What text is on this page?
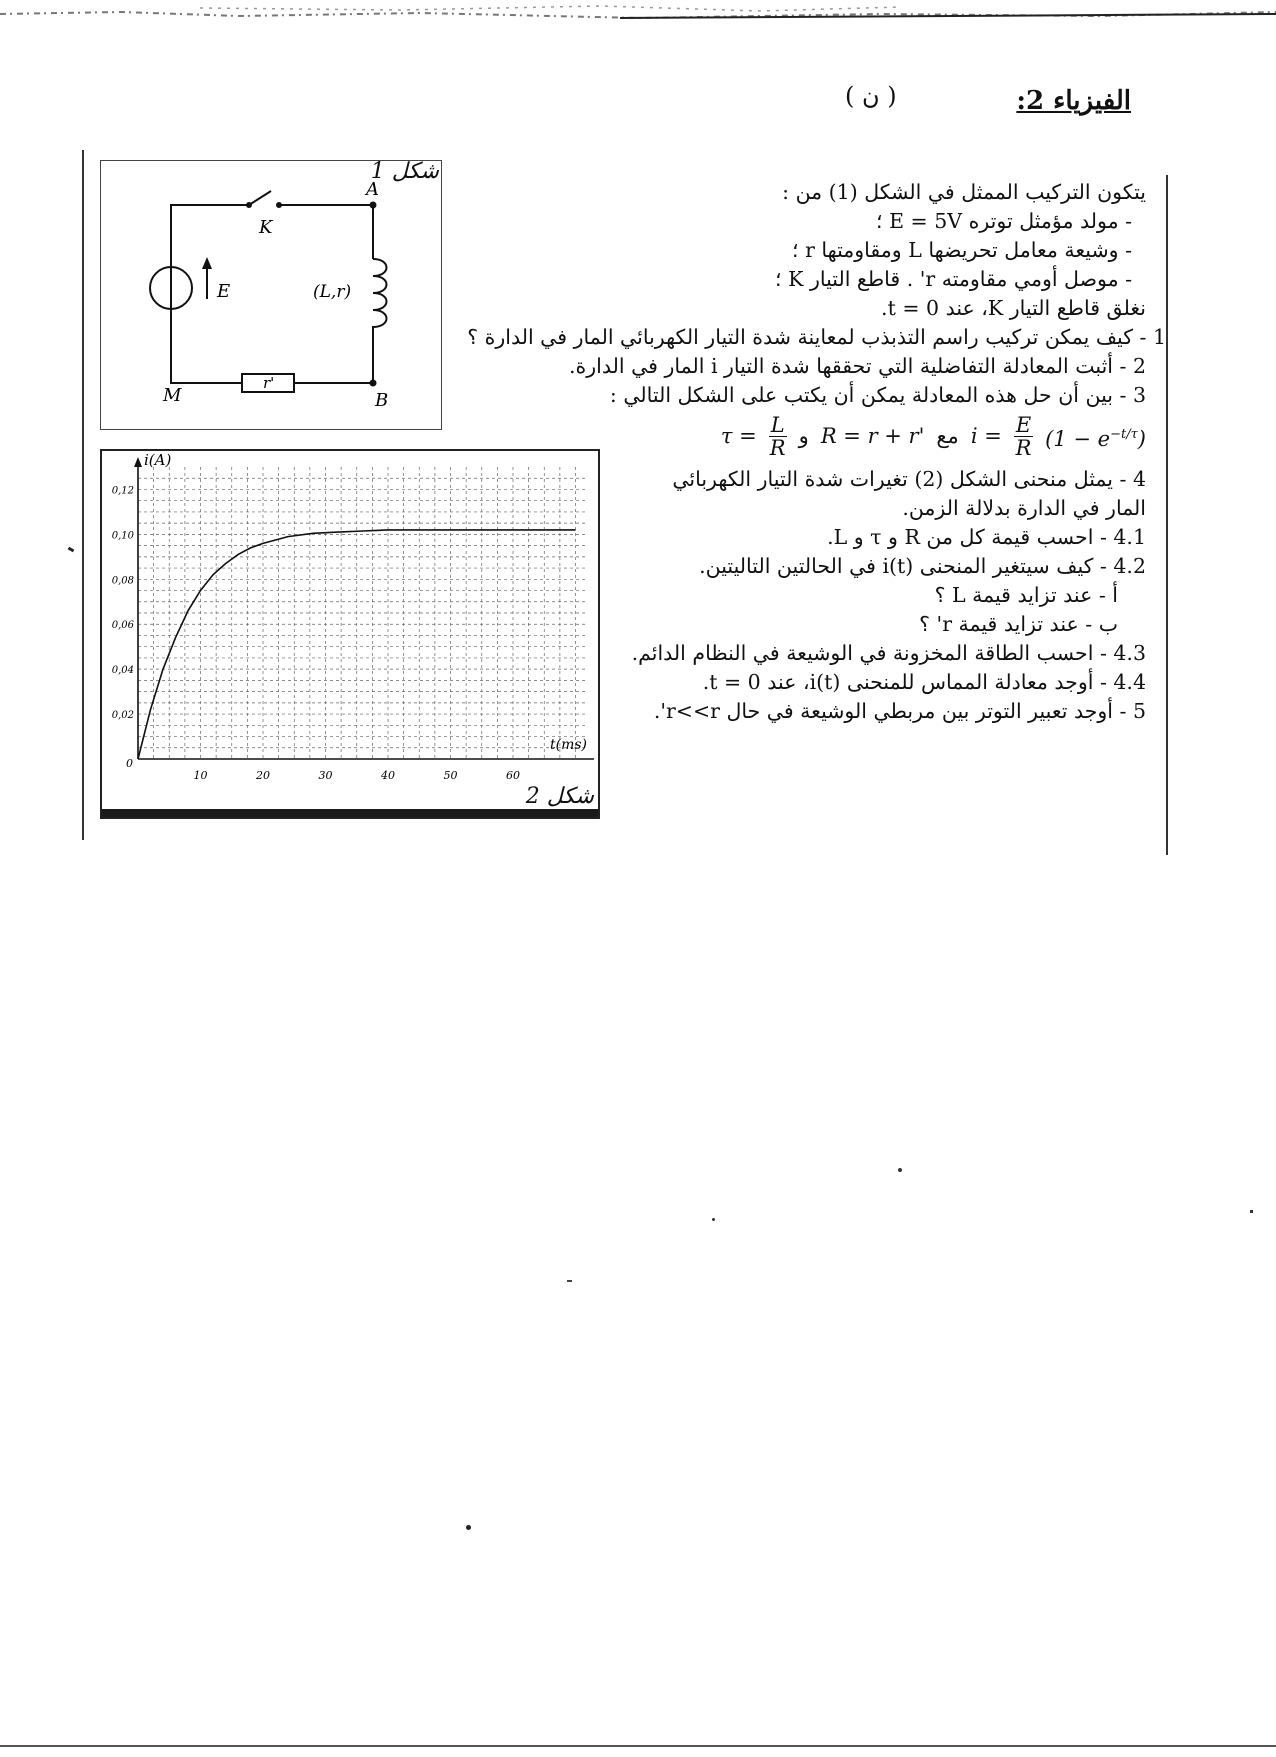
الفيزياء 2:
( ن )
A
B
M
K
E	(L,r)
r'
شكل 1
10	20	30	40	50	60
0,02
0,04
0,06
0,08
0,10
0,12
0
i(A)
t(ms)
شكل 2

يتكون التركيب الممثل في الشكل (1) من :

- مولد مؤمثل توتره E = 5V ؛

- وشيعة معامل تحريضها L ومقاومتها r ؛

- موصل أومي مقاومته r' . قاطع التيار K ؛

نغلق قاطع التيار K، عند t = 0.

1 - كيف يمكن تركيب راسم التذبذب لمعاينة شدة التيار الكهربائي المار في الدارة ؟

2 - أثبت المعادلة التفاضلية التي تحققها شدة التيار i المار في الدارة.

3 - بين أن حل هذه المعادلة يمكن أن يكتب على الشكل التالي :

$\tau = \frac{L}{R}$ و R = r + r' مع $i = \frac{E}{R} (1 - e^{-t/\tau})$

4 - يمثل منحنى الشكل (2) تغيرات شدة التيار الكهربائي المار في الدارة بدلالة الزمن.

4.1 - احسب قيمة كل من R و τ و L.

4.2 - كيف سيتغير المنحنى i(t) في الحالتين التاليتين.

أ - عند تزايد قيمة L ؟

ب - عند تزايد قيمة r' ؟

4.3 - احسب الطاقة المخزونة في الوشيعة في النظام الدائم.

4.4 - أوجد معادلة المماس للمنحنى i(t)، عند t = 0.

5 - أوجد تعبير التوتر بين مربطي الوشيعة في حال r<<r'.
